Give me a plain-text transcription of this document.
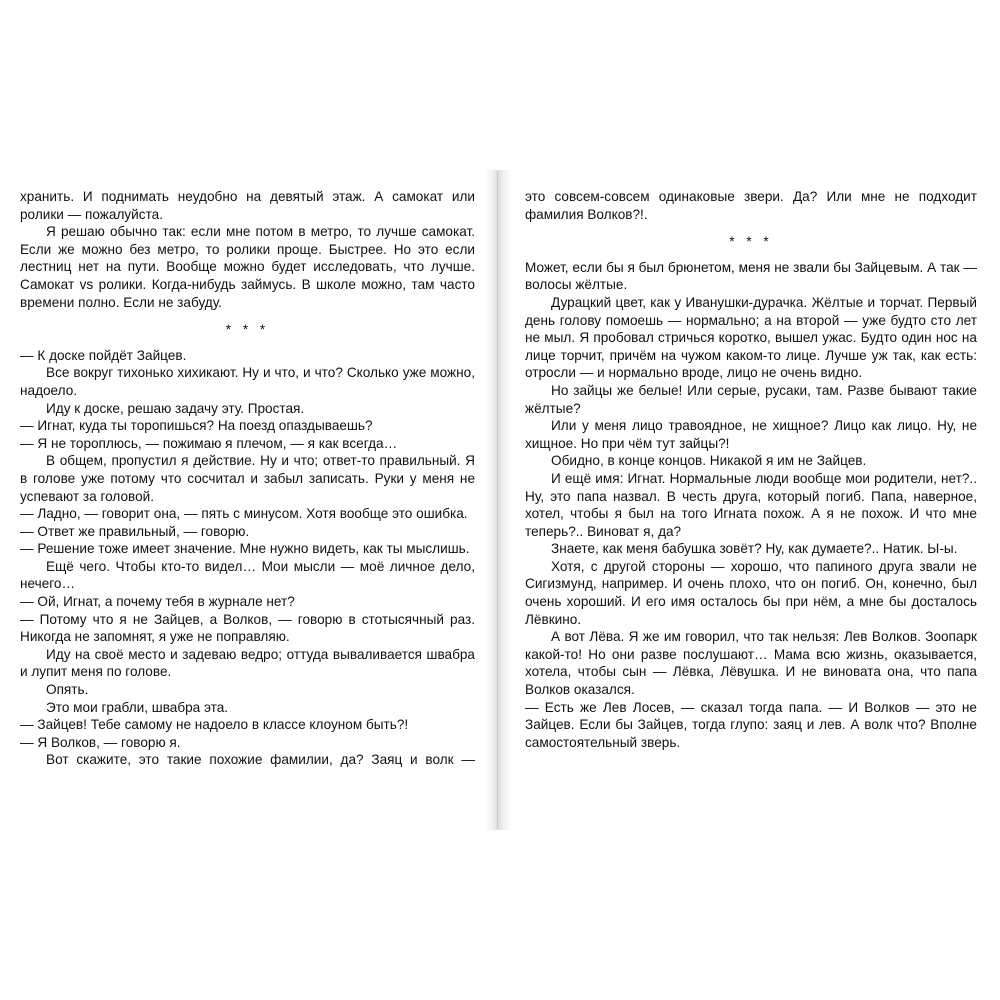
хранить. И поднимать неудобно на девятый этаж. А самокат или ролики — пожалуйста.

Я решаю обычно так: если мне потом в метро, то лучше самокат. Если же можно без метро, то ролики проще. Быстрее. Но это если лестниц нет на пути. Вообще можно будет исследовать, что лучше. Самокат vs ролики. Когда-нибудь займусь. В школе можно, там часто времени полно. Если не забуду.

* * *

— К доске пойдёт Зайцев.

Все вокруг тихонько хихикают. Ну и что, и что? Сколько уже можно, надоело.

Иду к доске, решаю задачу эту. Простая.

— Игнат, куда ты торопишься? На поезд опаздываешь?

— Я не тороплюсь, — пожимаю я плечом, — я как всегда…

В общем, пропустил я действие. Ну и что; ответ-то правильный. Я в голове уже потому что сосчитал и забыл записать. Руки у меня не успевают за головой.

— Ладно, — говорит она, — пять с минусом. Хотя вообще это ошибка.

— Ответ же правильный, — говорю.

— Решение тоже имеет значение. Мне нужно видеть, как ты мыслишь.

Ещё чего. Чтобы кто-то видел… Мои мысли — моё личное дело, нечего…

— Ой, Игнат, а почему тебя в журнале нет?

— Потому что я не Зайцев, а Волков, — говорю в стотысячный раз. Никогда не запомнят, я уже не поправляю.

Иду на своё место и задеваю ведро; оттуда вываливается швабра и лупит меня по голове.

Опять.

Это мои грабли, швабра эта.

— Зайцев! Тебе самому не надоело в классе клоуном быть?!

— Я Волков, — говорю я.

Вот скажите, это такие похожие фамилии, да? Заяц и волк —

это совсем-совсем одинаковые звери. Да? Или мне не подходит фамилия Волков?!.

* * *

Может, если бы я был брюнетом, меня не звали бы Зайцевым. А так — волосы жёлтые.

Дурацкий цвет, как у Иванушки-дурачка. Жёлтые и торчат. Первый день голову помоешь — нормально; а на второй — уже будто сто лет не мыл. Я пробовал стричься коротко, вышел ужас. Будто один нос на лице торчит, причём на чужом каком-то лице. Лучше уж так, как есть: отросли — и нормально вроде, лицо не очень видно.

Но зайцы же белые! Или серые, русаки, там. Разве бывают такие жёлтые?

Или у меня лицо травоядное, не хищное? Лицо как лицо. Ну, не хищное. Но при чём тут зайцы?!

Обидно, в конце концов. Никакой я им не Зайцев.

И ещё имя: Игнат. Нормальные люди вообще мои родители, нет?.. Ну, это папа назвал. В честь друга, который погиб. Папа, наверное, хотел, чтобы я был на того Игната похож. А я не похож. И что мне теперь?.. Виноват я, да?

Знаете, как меня бабушка зовёт? Ну, как думаете?.. Натик. Ы-ы.

Хотя, с другой стороны — хорошо, что папиного друга звали не Сигизмунд, например. И очень плохо, что он погиб. Он, конечно, был очень хороший. И его имя осталось бы при нём, а мне бы досталось Лёвкино.

А вот Лёва. Я же им говорил, что так нельзя: Лев Волков. Зоопарк какой-то! Но они разве послушают… Мама всю жизнь, оказывается, хотела, чтобы сын — Лёвка, Лёвушка. И не виновата она, что папа Волков оказался.

— Есть же Лев Лосев, — сказал тогда папа. — И Волков — это не Зайцев. Если бы Зайцев, тогда глупо: заяц и лев. А волк что? Вполне самостоятельный зверь.
